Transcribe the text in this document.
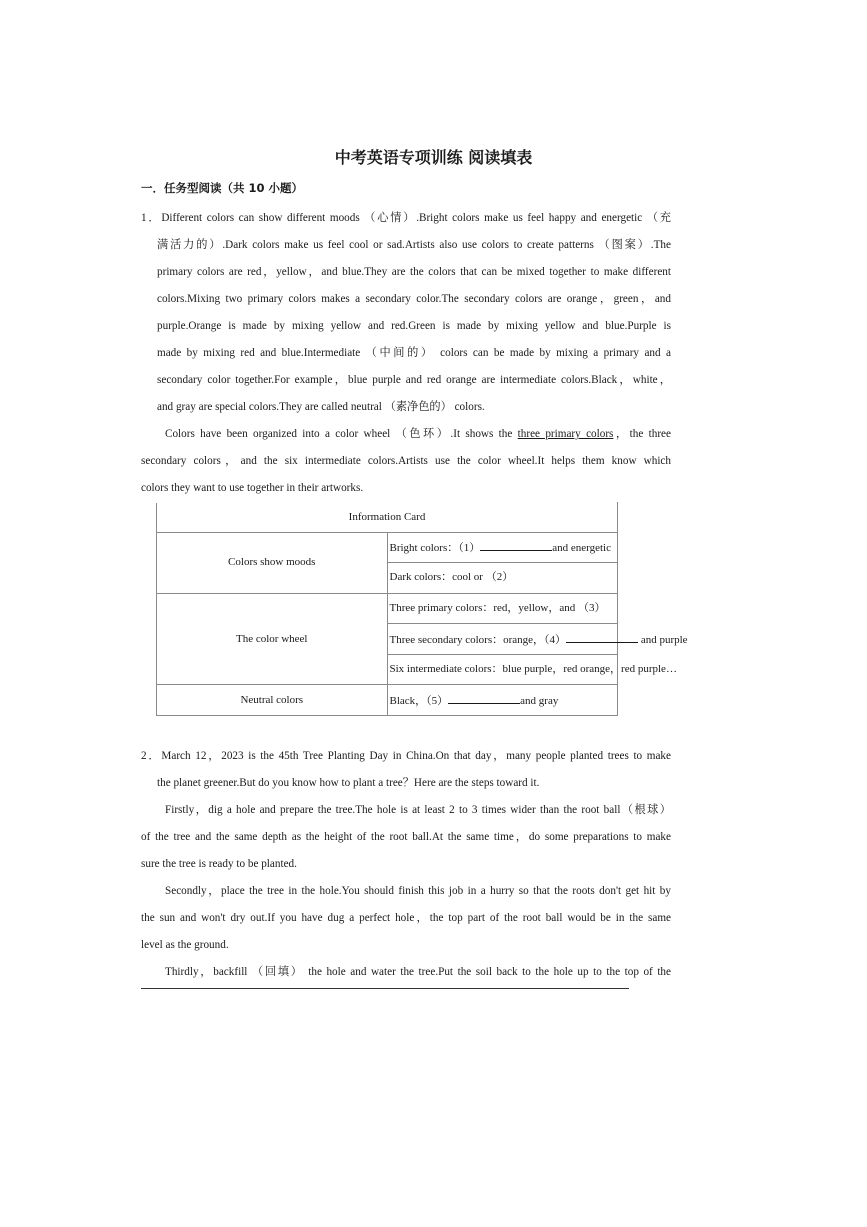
中考英语专项训练 阅读填表
一．任务型阅读（共 10 小题）
1．Different colors can show different moods （心情）.Bright colors make us feel happy and energetic （充
满活力的）.Dark colors make us feel cool or sad.Artists also use colors to create patterns （图案）.The
primary colors are red，yellow，and blue.They are the colors that can be mixed together to make different
colors.Mixing two primary colors makes a secondary color.The secondary colors are orange，green，and
purple.Orange is made by mixing yellow and red.Green is made by mixing yellow and blue.Purple is
made by mixing red and blue.Intermediate （中间的） colors can be made by mixing a primary and a
secondary color together.For example，blue purple and red orange are intermediate colors.Black，white，
and gray are special colors.They are called neutral （素净色的） colors.
Colors have been organized into a color wheel （色环）.It shows the three primary colors，the three
secondary colors，and the six intermediate colors.Artists use the color wheel.It helps them know which
colors they want to use together in their artworks.
Information Card	
Colors show moods	Bright colors：（1） and energetic
	Dark colors：cool or （2）
The color wheel	Three primary colors：red，yellow，and （3）
	Three secondary colors：orange，（4） and purple
	Six intermediate colors：blue purple，red orange，red purple…
Neutral colors	Black，（5） and gray
2．March 12，2023 is the 45th Tree Planting Day in China.On that day，many people planted trees to make
the planet greener.But do you know how to plant a tree？Here are the steps toward it.
Firstly，dig a hole and prepare the tree.The hole is at least 2 to 3 times wider than the root ball（根球）
of the tree and the same depth as the height of the root ball.At the same time，do some preparations to make
sure the tree is ready to be planted.
Secondly，place the tree in the hole.You should finish this job in a hurry so that the roots don't get hit by
the sun and won't dry out.If you have dug a perfect hole，the top part of the root ball would be in the same
level as the ground.
Thirdly，backfill （回填） the hole and water the tree.Put the soil back to the hole up to the top of the
